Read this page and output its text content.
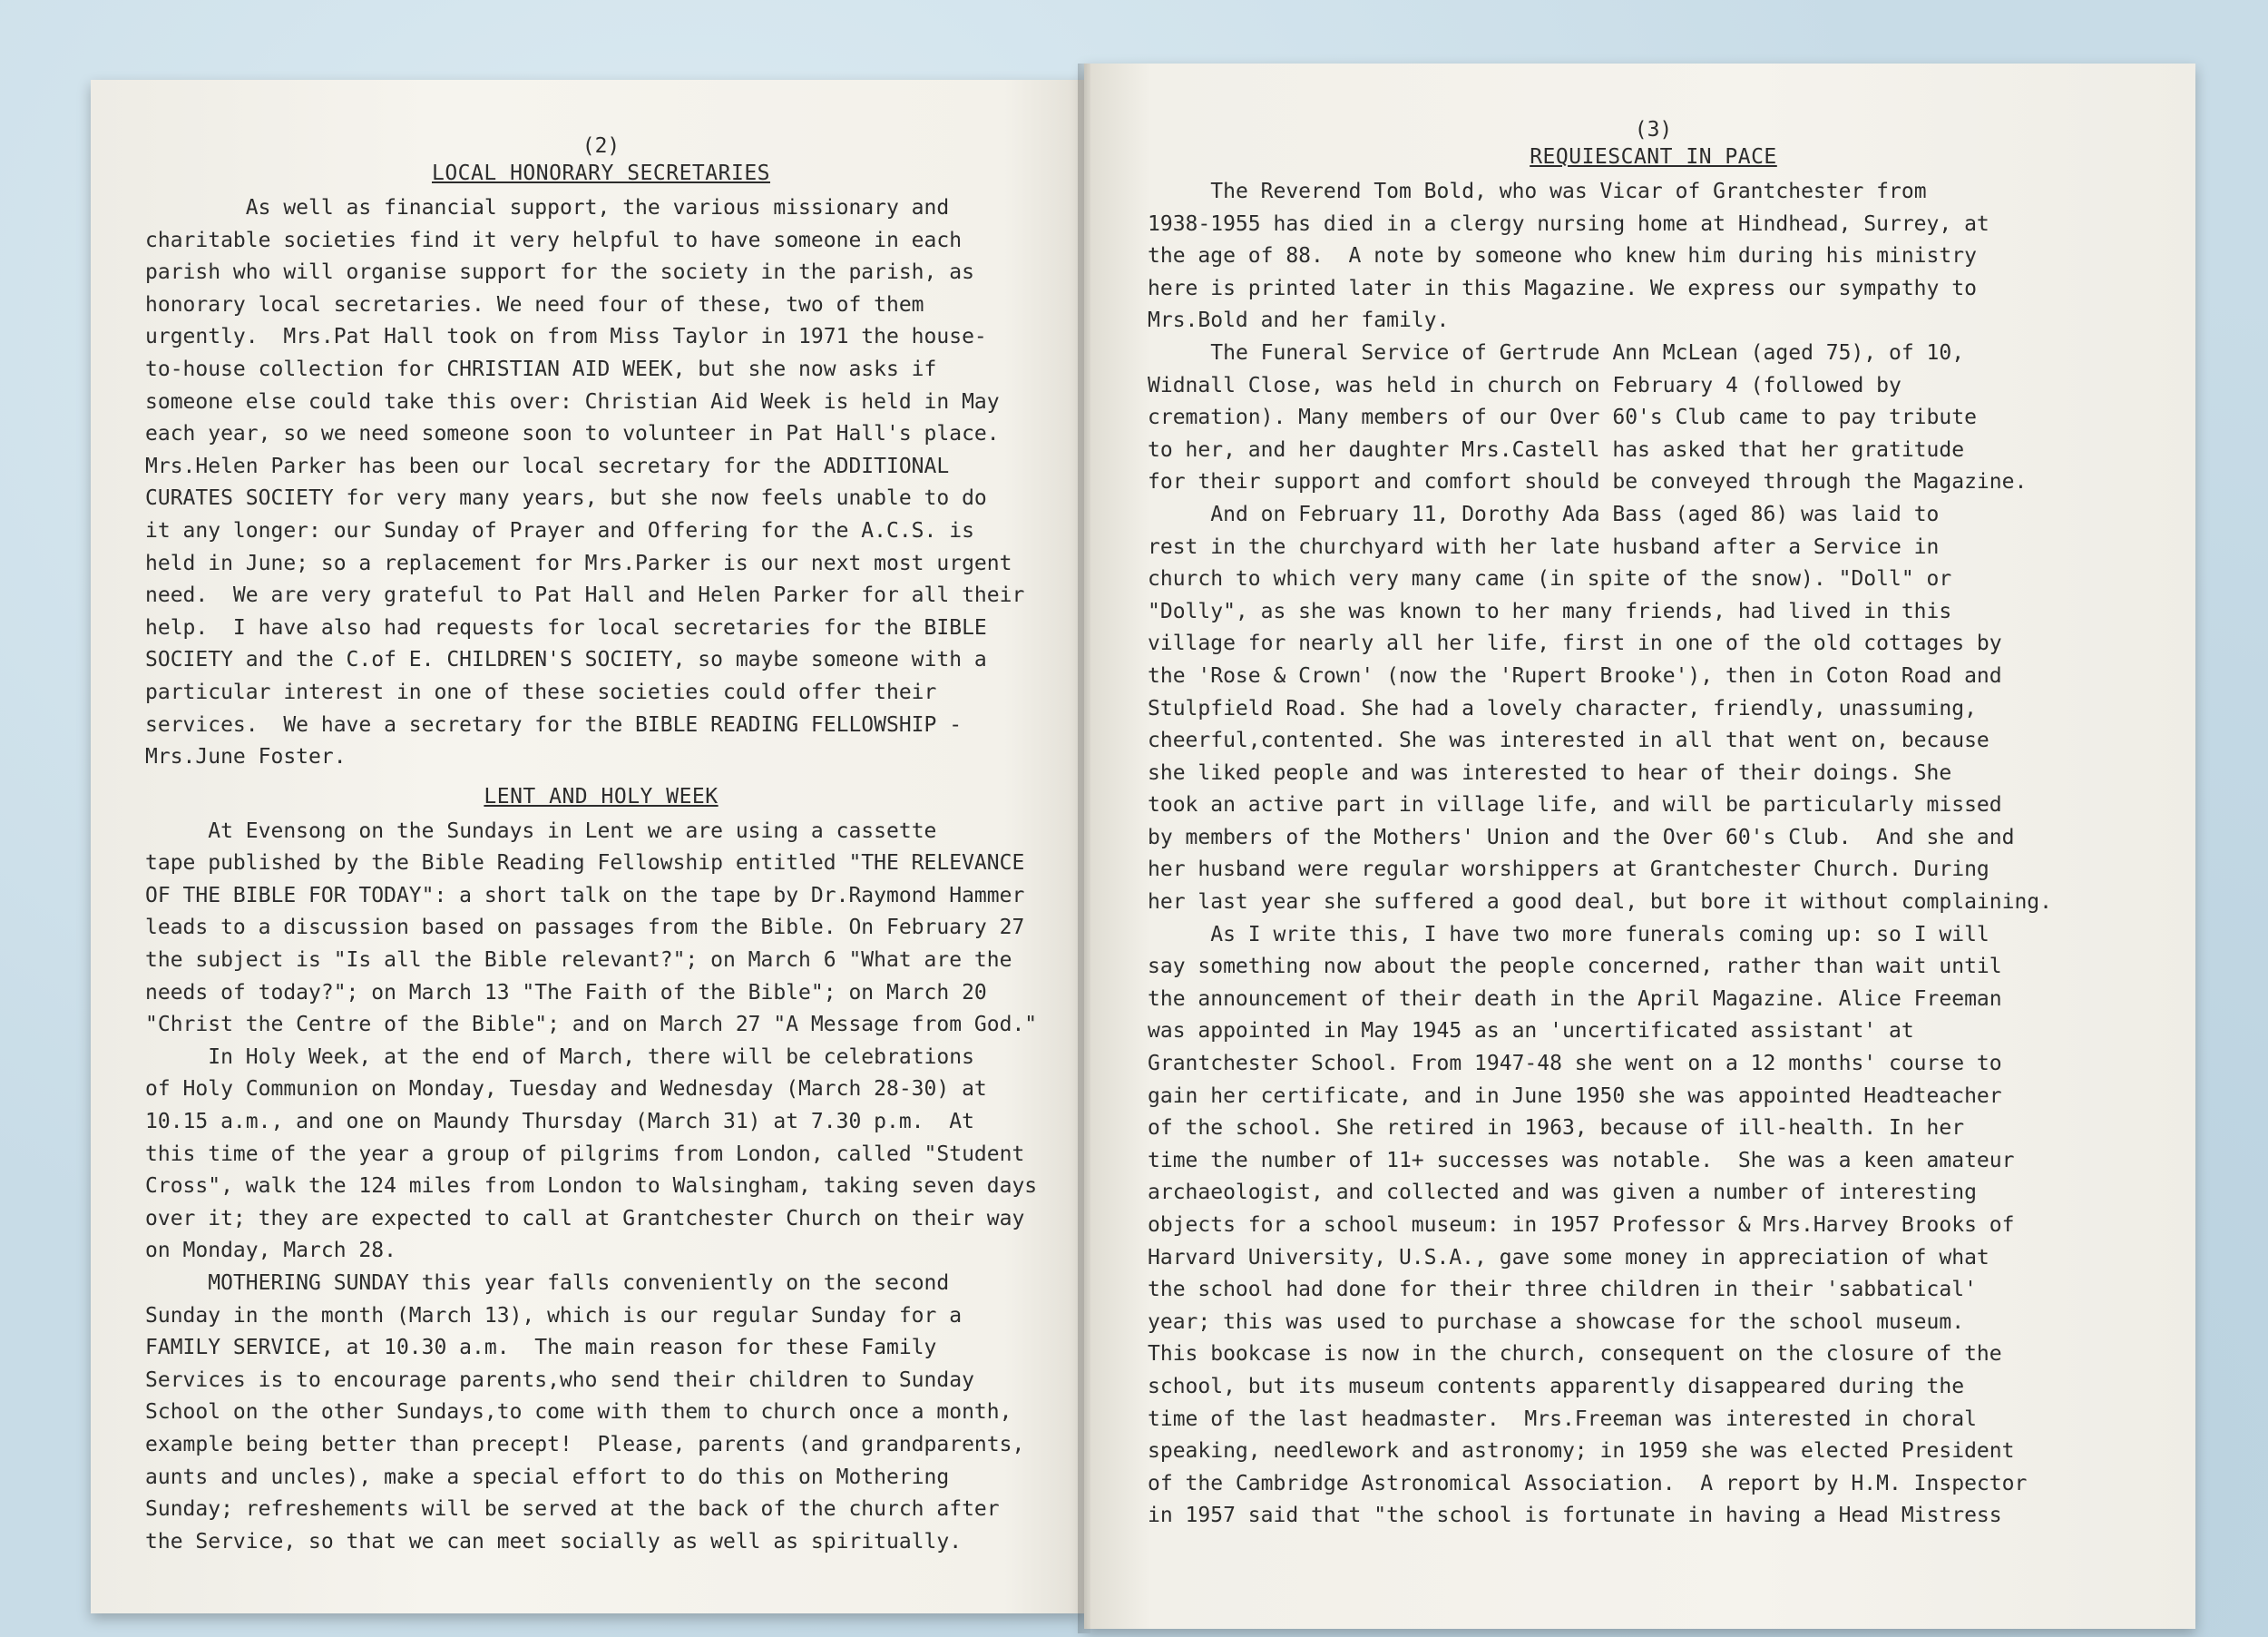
(2)
LOCAL HONORARY SECRETARIES

As well as financial support, the various missionary and
charitable societies find it very helpful to have someone in each
parish who will organise support for the society in the parish, as
honorary local secretaries. We need four of these, two of them
urgently.  Mrs.Pat Hall took on from Miss Taylor in 1971 the house-
to-house collection for CHRISTIAN AID WEEK, but she now asks if
someone else could take this over: Christian Aid Week is held in May
each year, so we need someone soon to volunteer in Pat Hall's place.
Mrs.Helen Parker has been our local secretary for the ADDITIONAL
CURATES SOCIETY for very many years, but she now feels unable to do
it any longer: our Sunday of Prayer and Offering for the A.C.S. is
held in June; so a replacement for Mrs.Parker is our next most urgent
need.  We are very grateful to Pat Hall and Helen Parker for all their
help.  I have also had requests for local secretaries for the BIBLE
SOCIETY and the C.of E. CHILDREN'S SOCIETY, so maybe someone with a
particular interest in one of these societies could offer their
services.  We have a secretary for the BIBLE READING FELLOWSHIP -
Mrs.June Foster.

LENT AND HOLY WEEK

At Evensong on the Sundays in Lent we are using a cassette
tape published by the Bible Reading Fellowship entitled "THE RELEVANCE
OF THE BIBLE FOR TODAY": a short talk on the tape by Dr.Raymond Hammer
leads to a discussion based on passages from the Bible. On February 27
the subject is "Is all the Bible relevant?"; on March 6 "What are the
needs of today?"; on March 13 "The Faith of the Bible"; on March 20
"Christ the Centre of the Bible"; and on March 27 "A Message from God."
In Holy Week, at the end of March, there will be celebrations
of Holy Communion on Monday, Tuesday and Wednesday (March 28-30) at
10.15 a.m., and one on Maundy Thursday (March 31) at 7.30 p.m.  At
this time of the year a group of pilgrims from London, called "Student
Cross", walk the 124 miles from London to Walsingham, taking seven days
over it; they are expected to call at Grantchester Church on their way
on Monday, March 28.
MOTHERING SUNDAY this year falls conveniently on the second
Sunday in the month (March 13), which is our regular Sunday for a
FAMILY SERVICE, at 10.30 a.m.  The main reason for these Family
Services is to encourage parents,who send their children to Sunday
School on the other Sundays,to come with them to church once a month,
example being better than precept!  Please, parents (and grandparents,
aunts and uncles), make a special effort to do this on Mothering
Sunday; refreshements will be served at the back of the church after
the Service, so that we can meet socially as well as spiritually.

(3)
REQUIESCANT IN PACE

The Reverend Tom Bold, who was Vicar of Grantchester from
1938-1955 has died in a clergy nursing home at Hindhead, Surrey, at
the age of 88.  A note by someone who knew him during his ministry
here is printed later in this Magazine. We express our sympathy to
Mrs.Bold and her family.
The Funeral Service of Gertrude Ann McLean (aged 75), of 10,
Widnall Close, was held in church on February 4 (followed by
cremation). Many members of our Over 60's Club came to pay tribute
to her, and her daughter Mrs.Castell has asked that her gratitude
for their support and comfort should be conveyed through the Magazine.
And on February 11, Dorothy Ada Bass (aged 86) was laid to
rest in the churchyard with her late husband after a Service in
church to which very many came (in spite of the snow). "Doll" or
"Dolly", as she was known to her many friends, had lived in this
village for nearly all her life, first in one of the old cottages by
the 'Rose & Crown' (now the 'Rupert Brooke'), then in Coton Road and
Stulpfield Road. She had a lovely character, friendly, unassuming,
cheerful,contented. She was interested in all that went on, because
she liked people and was interested to hear of their doings. She
took an active part in village life, and will be particularly missed
by members of the Mothers' Union and the Over 60's Club.  And she and
her husband were regular worshippers at Grantchester Church. During
her last year she suffered a good deal, but bore it without complaining.
As I write this, I have two more funerals coming up: so I will
say something now about the people concerned, rather than wait until
the announcement of their death in the April Magazine. Alice Freeman
was appointed in May 1945 as an 'uncertificated assistant' at
Grantchester School. From 1947-48 she went on a 12 months' course to
gain her certificate, and in June 1950 she was appointed Headteacher
of the school. She retired in 1963, because of ill-health. In her
time the number of 11+ successes was notable.  She was a keen amateur
archaeologist, and collected and was given a number of interesting
objects for a school museum: in 1957 Professor & Mrs.Harvey Brooks of
Harvard University, U.S.A., gave some money in appreciation of what
the school had done for their three children in their 'sabbatical'
year; this was used to purchase a showcase for the school museum.
This bookcase is now in the church, consequent on the closure of the
school, but its museum contents apparently disappeared during the
time of the last headmaster.  Mrs.Freeman was interested in choral
speaking, needlework and astronomy; in 1959 she was elected President
of the Cambridge Astronomical Association.  A report by H.M. Inspector
in 1957 said that "the school is fortunate in having a Head Mistress
